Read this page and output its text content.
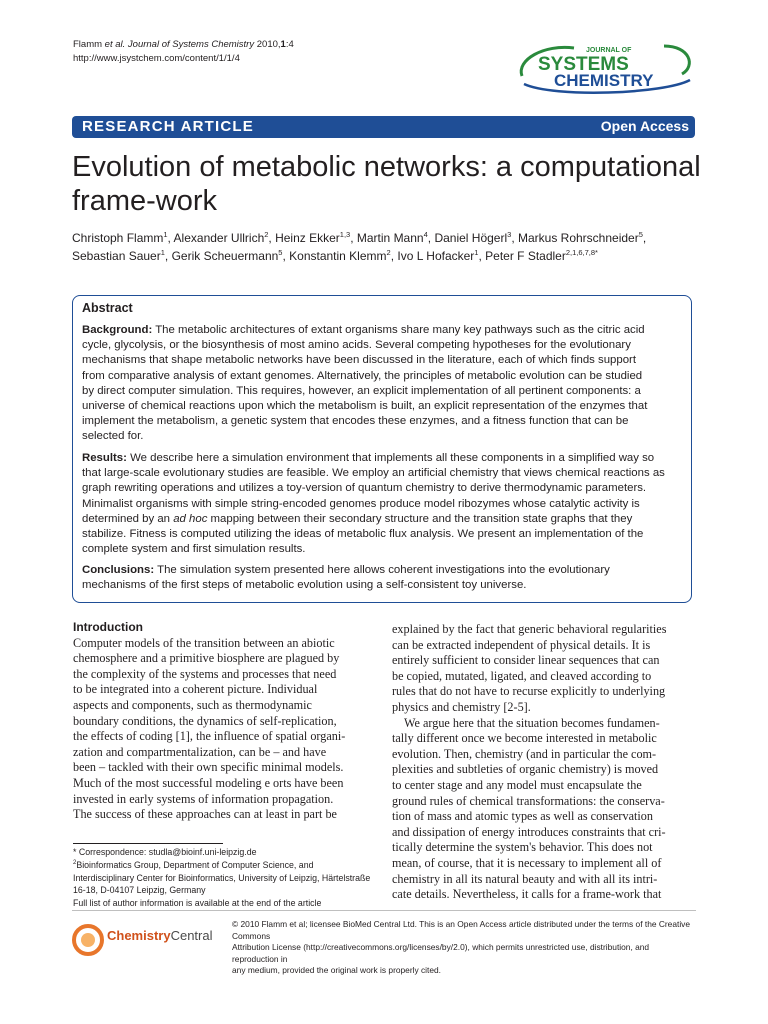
Flamm et al. Journal of Systems Chemistry 2010,1:4
http://www.jsystchem.com/content/1/1/4
JOURNAL OF
SYSTEMS
CHEMISTRY
RESEARCH ARTICLE	Open Access
Evolution of metabolic networks: a computational
frame-work
Christoph Flamm$^1$, Alexander Ullrich$^2$, Heinz Ekker$^{1,3}$, Martin Mann$^4$, Daniel Högerl$^3$, Markus Rohrschneider$^5$,
Sebastian Sauer$^1$, Gerik Scheuermann$^5$, Konstantin Klemm$^2$, Ivo L Hofacker$^1$, Peter F Stadler$^{2,1,6,7,8*}$
Abstract
Background: The metabolic architectures of extant organisms share many key pathways such as the citric acid
cycle, glycolysis, or the biosynthesis of most amino acids. Several competing hypotheses for the evolutionary
mechanisms that shape metabolic networks have been discussed in the literature, each of which finds support
from comparative analysis of extant genomes. Alternatively, the principles of metabolic evolution can be studied
by direct computer simulation. This requires, however, an explicit implementation of all pertinent components: a
universe of chemical reactions upon which the metabolism is built, an explicit representation of the enzymes that
implement the metabolism, a genetic system that encodes these enzymes, and a fitness function that can be
selected for.
Results: We describe here a simulation environment that implements all these components in a simplified way so
that large-scale evolutionary studies are feasible. We employ an artificial chemistry that views chemical reactions as
graph rewriting operations and utilizes a toy-version of quantum chemistry to derive thermodynamic parameters.
Minimalist organisms with simple string-encoded genomes produce model ribozymes whose catalytic activity is
determined by an ad hoc mapping between their secondary structure and the transition state graphs that they
stabilize. Fitness is computed utilizing the ideas of metabolic flux analysis. We present an implementation of the
complete system and first simulation results.
Conclusions: The simulation system presented here allows coherent investigations into the evolutionary
mechanisms of the first steps of metabolic evolution using a self-consistent toy universe.
Introduction
Computer models of the transition between an abiotic
chemosphere and a primitive biosphere are plagued by
the complexity of the systems and processes that need
to be integrated into a coherent picture. Individual
aspects and components, such as thermodynamic
boundary conditions, the dynamics of self-replication,
the effects of coding [1], the influence of spatial organi-
zation and compartmentalization, can be – and have
been – tackled with their own specific minimal models.
Much of the most successful modeling e orts have been
invested in early systems of information propagation.
The success of these approaches can at least in part be
explained by the fact that generic behavioral regularities
can be extracted independent of physical details. It is
entirely sufficient to consider linear sequences that can
be copied, mutated, ligated, and cleaved according to
rules that do not have to recurse explicitly to underlying
physics and chemistry [2-5].
We argue here that the situation becomes fundamen-
tally different once we become interested in metabolic
evolution. Then, chemistry (and in particular the com-
plexities and subtleties of organic chemistry) is moved
to center stage and any model must encapsulate the
ground rules of chemical transformations: the conserva-
tion of mass and atomic types as well as conservation
and dissipation of energy introduces constraints that cri-
tically determine the system's behavior. This does not
mean, of course, that it is necessary to implement all of
chemistry in all its natural beauty and with all its intri-
cate details. Nevertheless, it calls for a frame-work that
* Correspondence: studla@bioinf.uni-leipzig.de
$^2$Bioinformatics Group, Department of Computer Science, and
Interdisciplinary Center for Bioinformatics, University of Leipzig, Härtelstraße
16-18, D-04107 Leipzig, Germany
Full list of author information is available at the end of the article
ChemistryCentral
© 2010 Flamm et al; licensee BioMed Central Ltd. This is an Open Access article distributed under the terms of the Creative Commons
Attribution License (http://creativecommons.org/licenses/by/2.0), which permits unrestricted use, distribution, and reproduction in
any medium, provided the original work is properly cited.
